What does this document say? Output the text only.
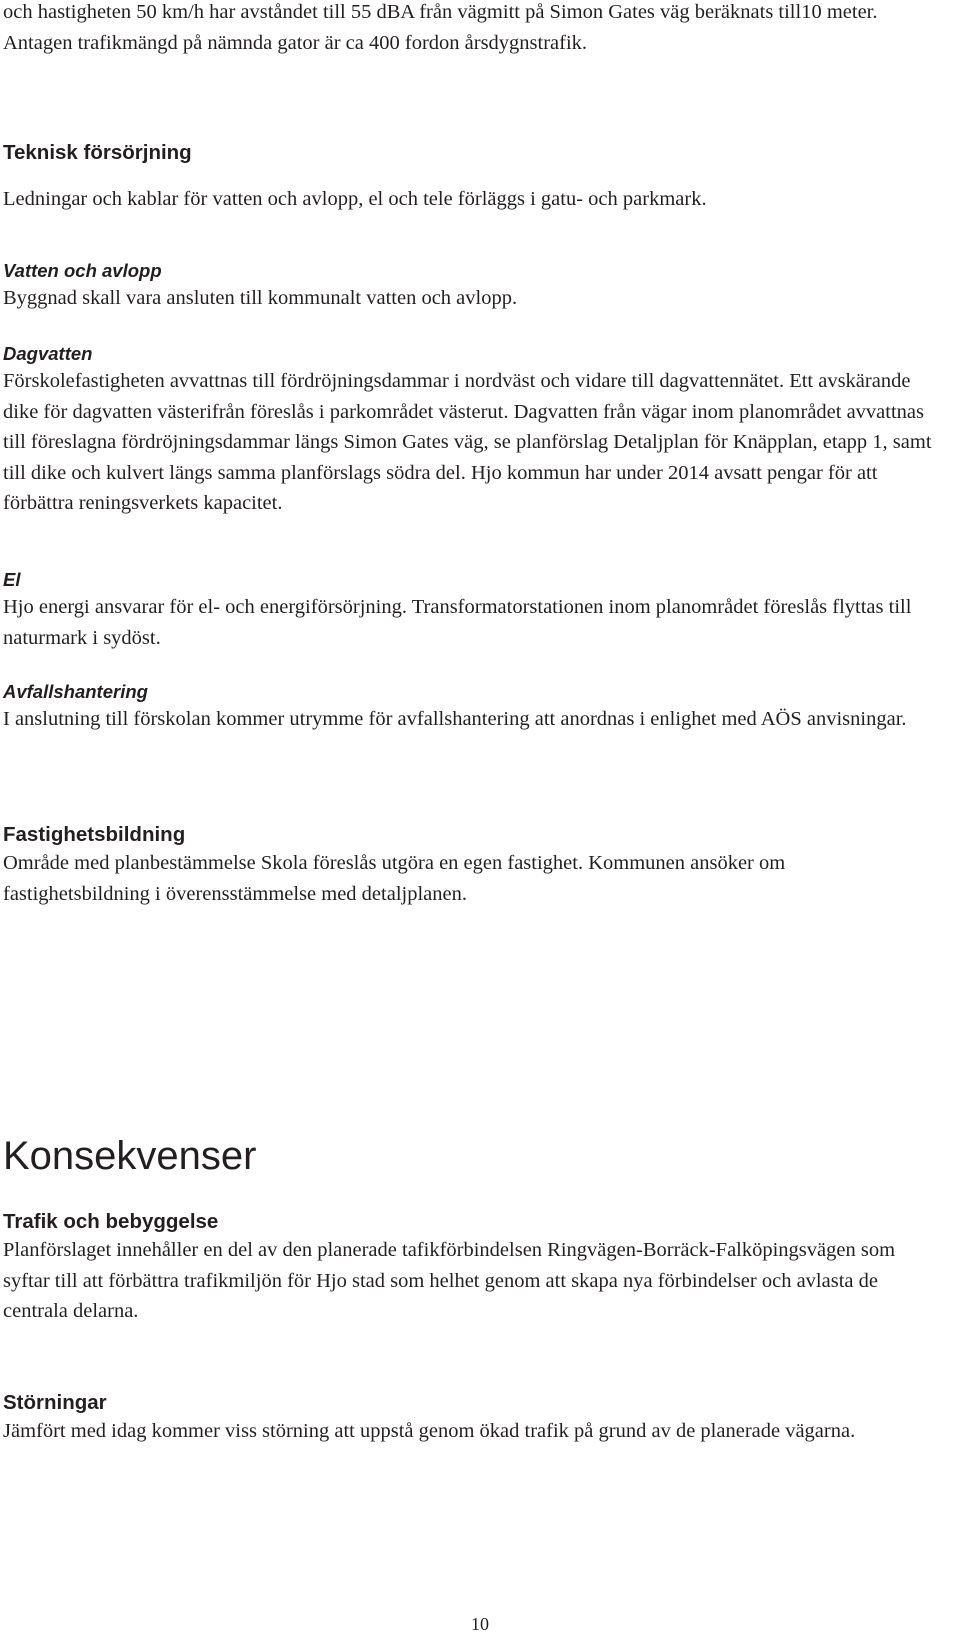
och hastigheten 50 km/h har avståndet till 55 dBA från vägmitt på Simon Gates väg beräknats till10 meter. Antagen trafikmängd på nämnda gator är ca 400 fordon årsdygnstrafik.

Teknisk försörjning

Ledningar och kablar för vatten och avlopp, el och tele förläggs i gatu- och parkmark.

Vatten och avlopp

Byggnad skall vara ansluten till kommunalt vatten och avlopp.

Dagvatten

Förskolefastigheten avvattnas till fördröjningsdammar i nordväst och vidare till dagvattennätet. Ett avskärande dike för dagvatten västerifrån föreslås i parkområdet västerut. Dagvatten från vägar inom planområdet avvattnas till föreslagna fördröjningsdammar längs Simon Gates väg, se planförslag Detaljplan för Knäpplan, etapp 1, samt till dike och kulvert längs samma planförslags södra del. Hjo kommun har under 2014 avsatt pengar för att förbättra reningsverkets kapacitet.

El

Hjo energi ansvarar för el- och energiförsörjning. Transformatorstationen inom planområdet föreslås flyttas till naturmark i sydöst.

Avfallshantering

I anslutning till förskolan kommer utrymme för avfallshantering att anordnas i enlighet med AÖS anvisningar.

Fastighetsbildning

Område med planbestämmelse Skola föreslås utgöra en egen fastighet. Kommunen ansöker om fastighetsbildning i överensstämmelse med detaljplanen.

Konsekvenser
Trafik och bebyggelse

Planförslaget innehåller en del av den planerade tafikförbindelsen Ringvägen-Borräck-Falköpingsvägen som syftar till att förbättra trafikmiljön för Hjo stad som helhet genom att skapa nya förbindelser och avlasta de centrala delarna.

Störningar

Jämfört med idag kommer viss störning att uppstå genom ökad trafik på grund av de planerade vägarna.

10
